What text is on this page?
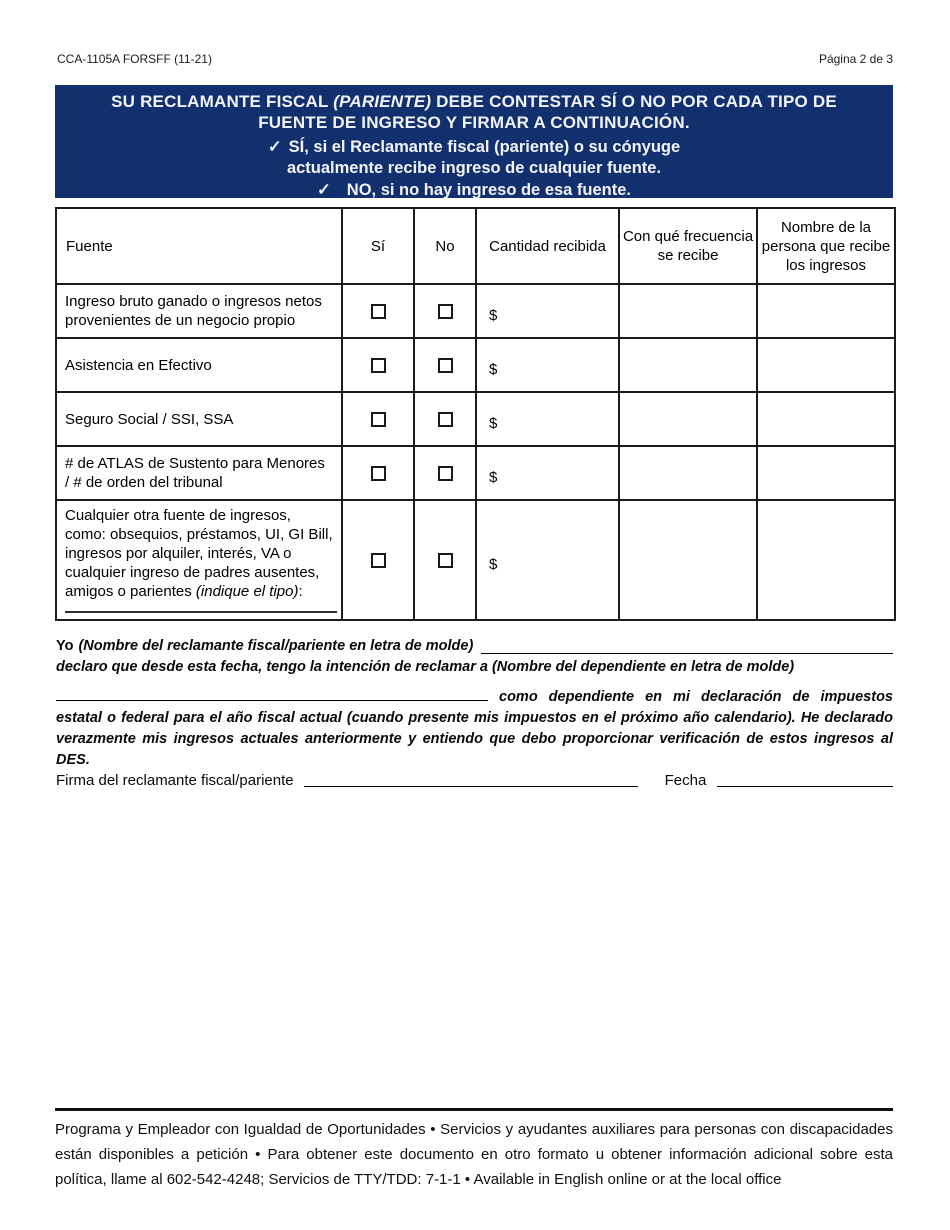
CCA-1105A FORSFF (11-21)	Página 2 de 3
SU RECLAMANTE FISCAL (PARIENTE) DEBE CONTESTAR SÍ O NO POR CADA TIPO DE
FUENTE DE INGRESO Y FIRMAR A CONTINUACIÓN.
✓ SÍ, si el Reclamante fiscal (pariente) o su cónyuge
actualmente recibe ingreso de cualquier fuente.
✓ NO, si no hay ingreso de esa fuente.
Fuente	Sí	No	Cantidad recibida	Con qué frecuencia se recibe	Nombre de la persona que recibe los ingresos
Ingreso bruto ganado o ingresos netos provenientes de un negocio propio			$		
Asistencia en Efectivo			$		
Seguro Social / SSI, SSA			$		
# de ATLAS de Sustento para Menores / # de orden del tribunal			$		
Cualquier otra fuente de ingresos, como: obsequios, préstamos, UI, GI Bill, ingresos por alquiler, interés, VA o cualquier ingreso de padres ausentes, amigos o parientes (indique el tipo):			$		
Yo (Nombre del reclamante fiscal/pariente en letra de molde)
declaro que desde esta fecha, tengo la intención de reclamar a (Nombre del dependiente en letra de molde)
como dependiente en mi declaración de impuestos estatal o federal para el año fiscal actual (cuando presente mis impuestos en el próximo año calendario). He declarado verazmente mis ingresos actuales anteriormente y entiendo que debo proporcionar verificación de estos ingresos al DES.
Firma del reclamante fiscal/pariente	Fecha
Programa y Empleador con Igualdad de Oportunidades • Servicios y ayudantes auxiliares para personas con discapacidades están disponibles a petición • Para obtener este documento en otro formato u obtener información adicional sobre esta política, llame al 602-542-4248; Servicios de TTY/TDD: 7-1-1 • Available in English online or at the local office
